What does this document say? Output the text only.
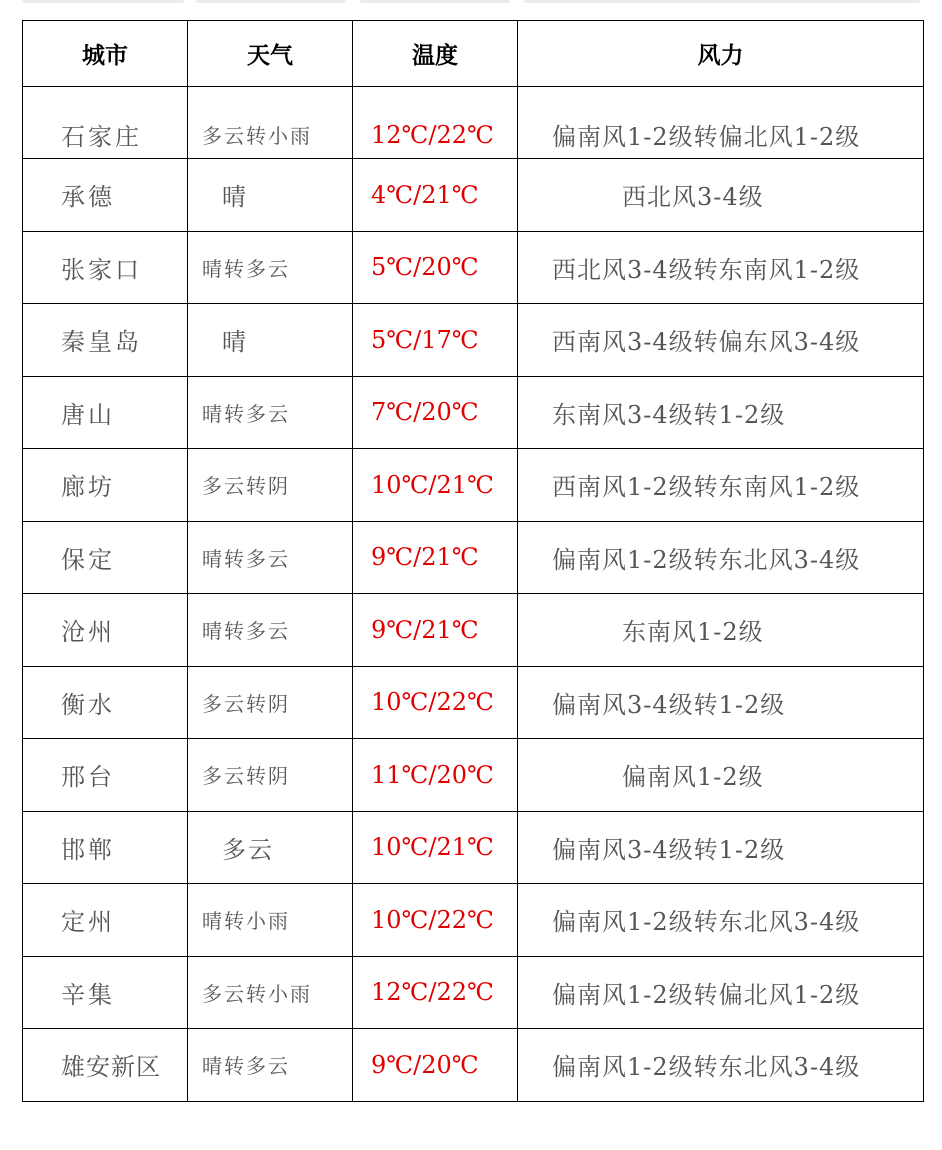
城市	天气	温度	风力
石家庄	多云转小雨	12℃/22℃	偏南风1-2级转偏北风1-2级
承德	晴	4℃/21℃	西北风3-4级
张家口	晴转多云	5℃/20℃	西北风3-4级转东南风1-2级
秦皇岛	晴	5℃/17℃	西南风3-4级转偏东风3-4级
唐山	晴转多云	7℃/20℃	东南风3-4级转1-2级
廊坊	多云转阴	10℃/21℃	西南风1-2级转东南风1-2级
保定	晴转多云	9℃/21℃	偏南风1-2级转东北风3-4级
沧州	晴转多云	9℃/21℃	东南风1-2级
衡水	多云转阴	10℃/22℃	偏南风3-4级转1-2级
邢台	多云转阴	11℃/20℃	偏南风1-2级
邯郸	多云	10℃/21℃	偏南风3-4级转1-2级
定州	晴转小雨	10℃/22℃	偏南风1-2级转东北风3-4级
辛集	多云转小雨	12℃/22℃	偏南风1-2级转偏北风1-2级
雄安新区	晴转多云	9℃/20℃	偏南风1-2级转东北风3-4级
